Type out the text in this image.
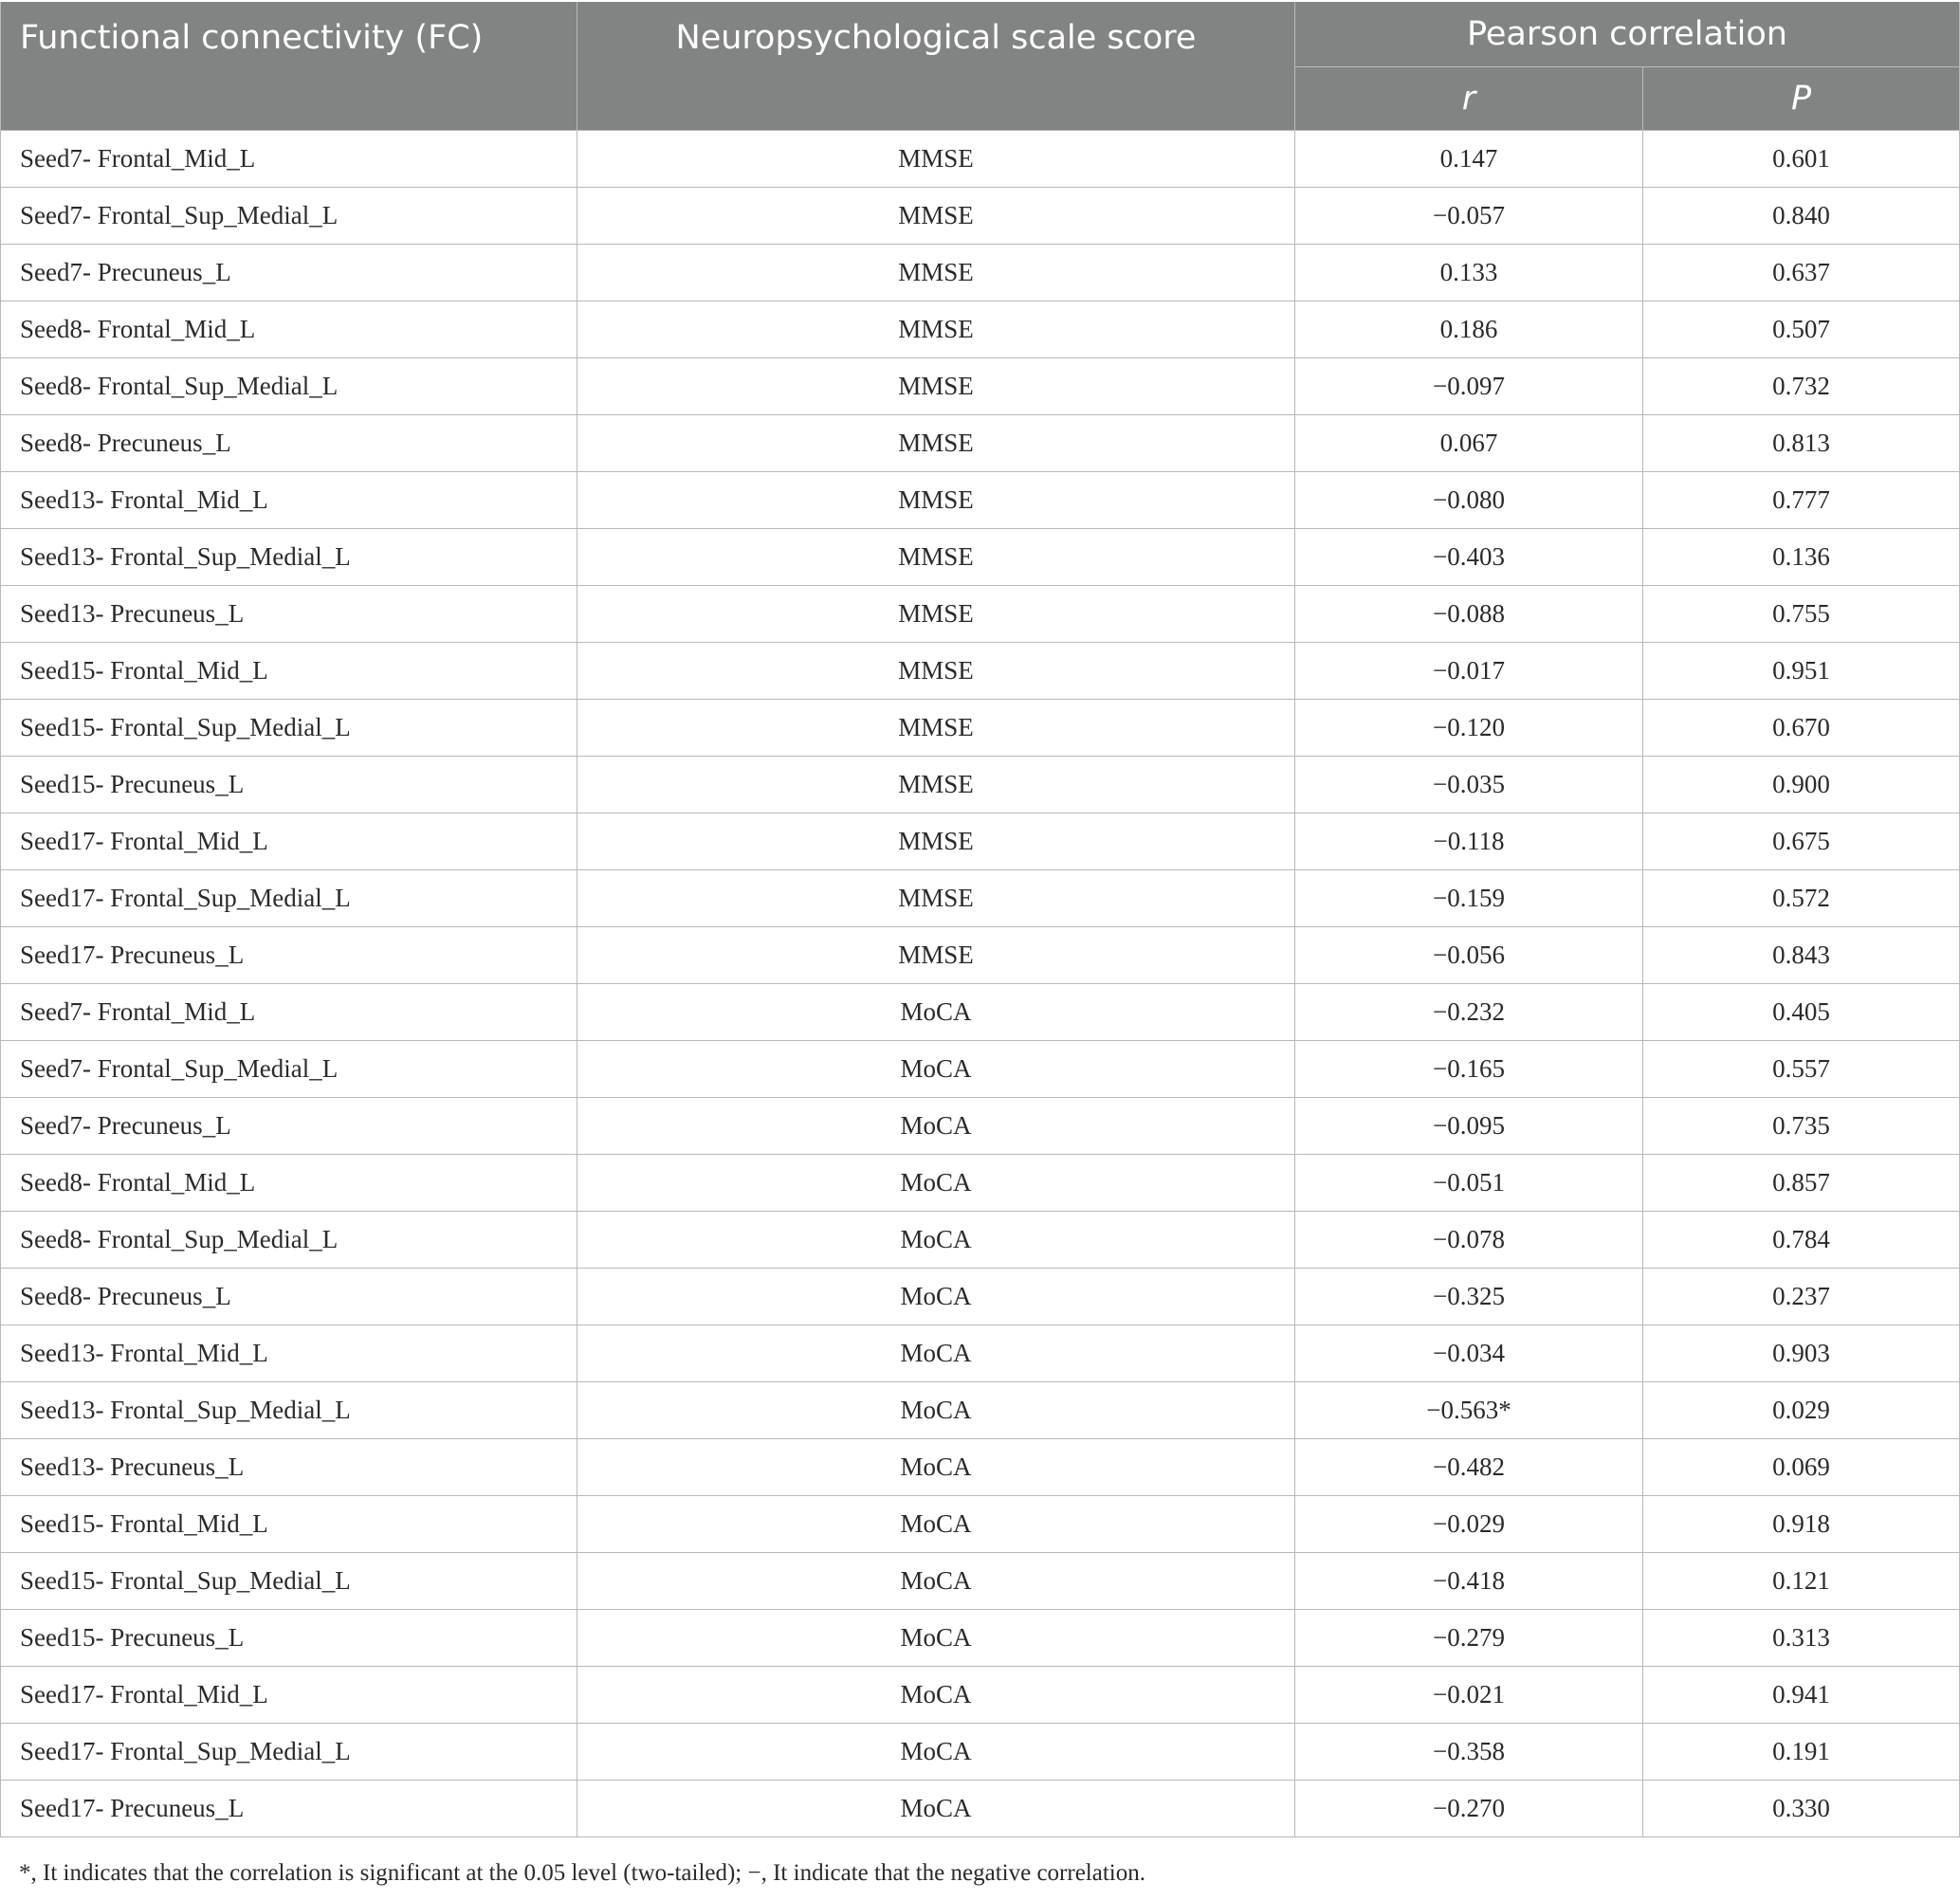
Functional connectivity (FC)	Neuropsychological scale score	Pearson correlation	
		r	P
Seed7- Frontal_Mid_L	MMSE	0.147	0.601
Seed7- Frontal_Sup_Medial_L	MMSE	−0.057	0.840
Seed7- Precuneus_L	MMSE	0.133	0.637
Seed8- Frontal_Mid_L	MMSE	0.186	0.507
Seed8- Frontal_Sup_Medial_L	MMSE	−0.097	0.732
Seed8- Precuneus_L	MMSE	0.067	0.813
Seed13- Frontal_Mid_L	MMSE	−0.080	0.777
Seed13- Frontal_Sup_Medial_L	MMSE	−0.403	0.136
Seed13- Precuneus_L	MMSE	−0.088	0.755
Seed15- Frontal_Mid_L	MMSE	−0.017	0.951
Seed15- Frontal_Sup_Medial_L	MMSE	−0.120	0.670
Seed15- Precuneus_L	MMSE	−0.035	0.900
Seed17- Frontal_Mid_L	MMSE	−0.118	0.675
Seed17- Frontal_Sup_Medial_L	MMSE	−0.159	0.572
Seed17- Precuneus_L	MMSE	−0.056	0.843
Seed7- Frontal_Mid_L	MoCA	−0.232	0.405
Seed7- Frontal_Sup_Medial_L	MoCA	−0.165	0.557
Seed7- Precuneus_L	MoCA	−0.095	0.735
Seed8- Frontal_Mid_L	MoCA	−0.051	0.857
Seed8- Frontal_Sup_Medial_L	MoCA	−0.078	0.784
Seed8- Precuneus_L	MoCA	−0.325	0.237
Seed13- Frontal_Mid_L	MoCA	−0.034	0.903
Seed13- Frontal_Sup_Medial_L	MoCA	−0.563*	0.029
Seed13- Precuneus_L	MoCA	−0.482	0.069
Seed15- Frontal_Mid_L	MoCA	−0.029	0.918
Seed15- Frontal_Sup_Medial_L	MoCA	−0.418	0.121
Seed15- Precuneus_L	MoCA	−0.279	0.313
Seed17- Frontal_Mid_L	MoCA	−0.021	0.941
Seed17- Frontal_Sup_Medial_L	MoCA	−0.358	0.191
Seed17- Precuneus_L	MoCA	−0.270	0.330
*, It indicates that the correlation is significant at the 0.05 level (two-tailed); −, It indicate that the negative correlation.
